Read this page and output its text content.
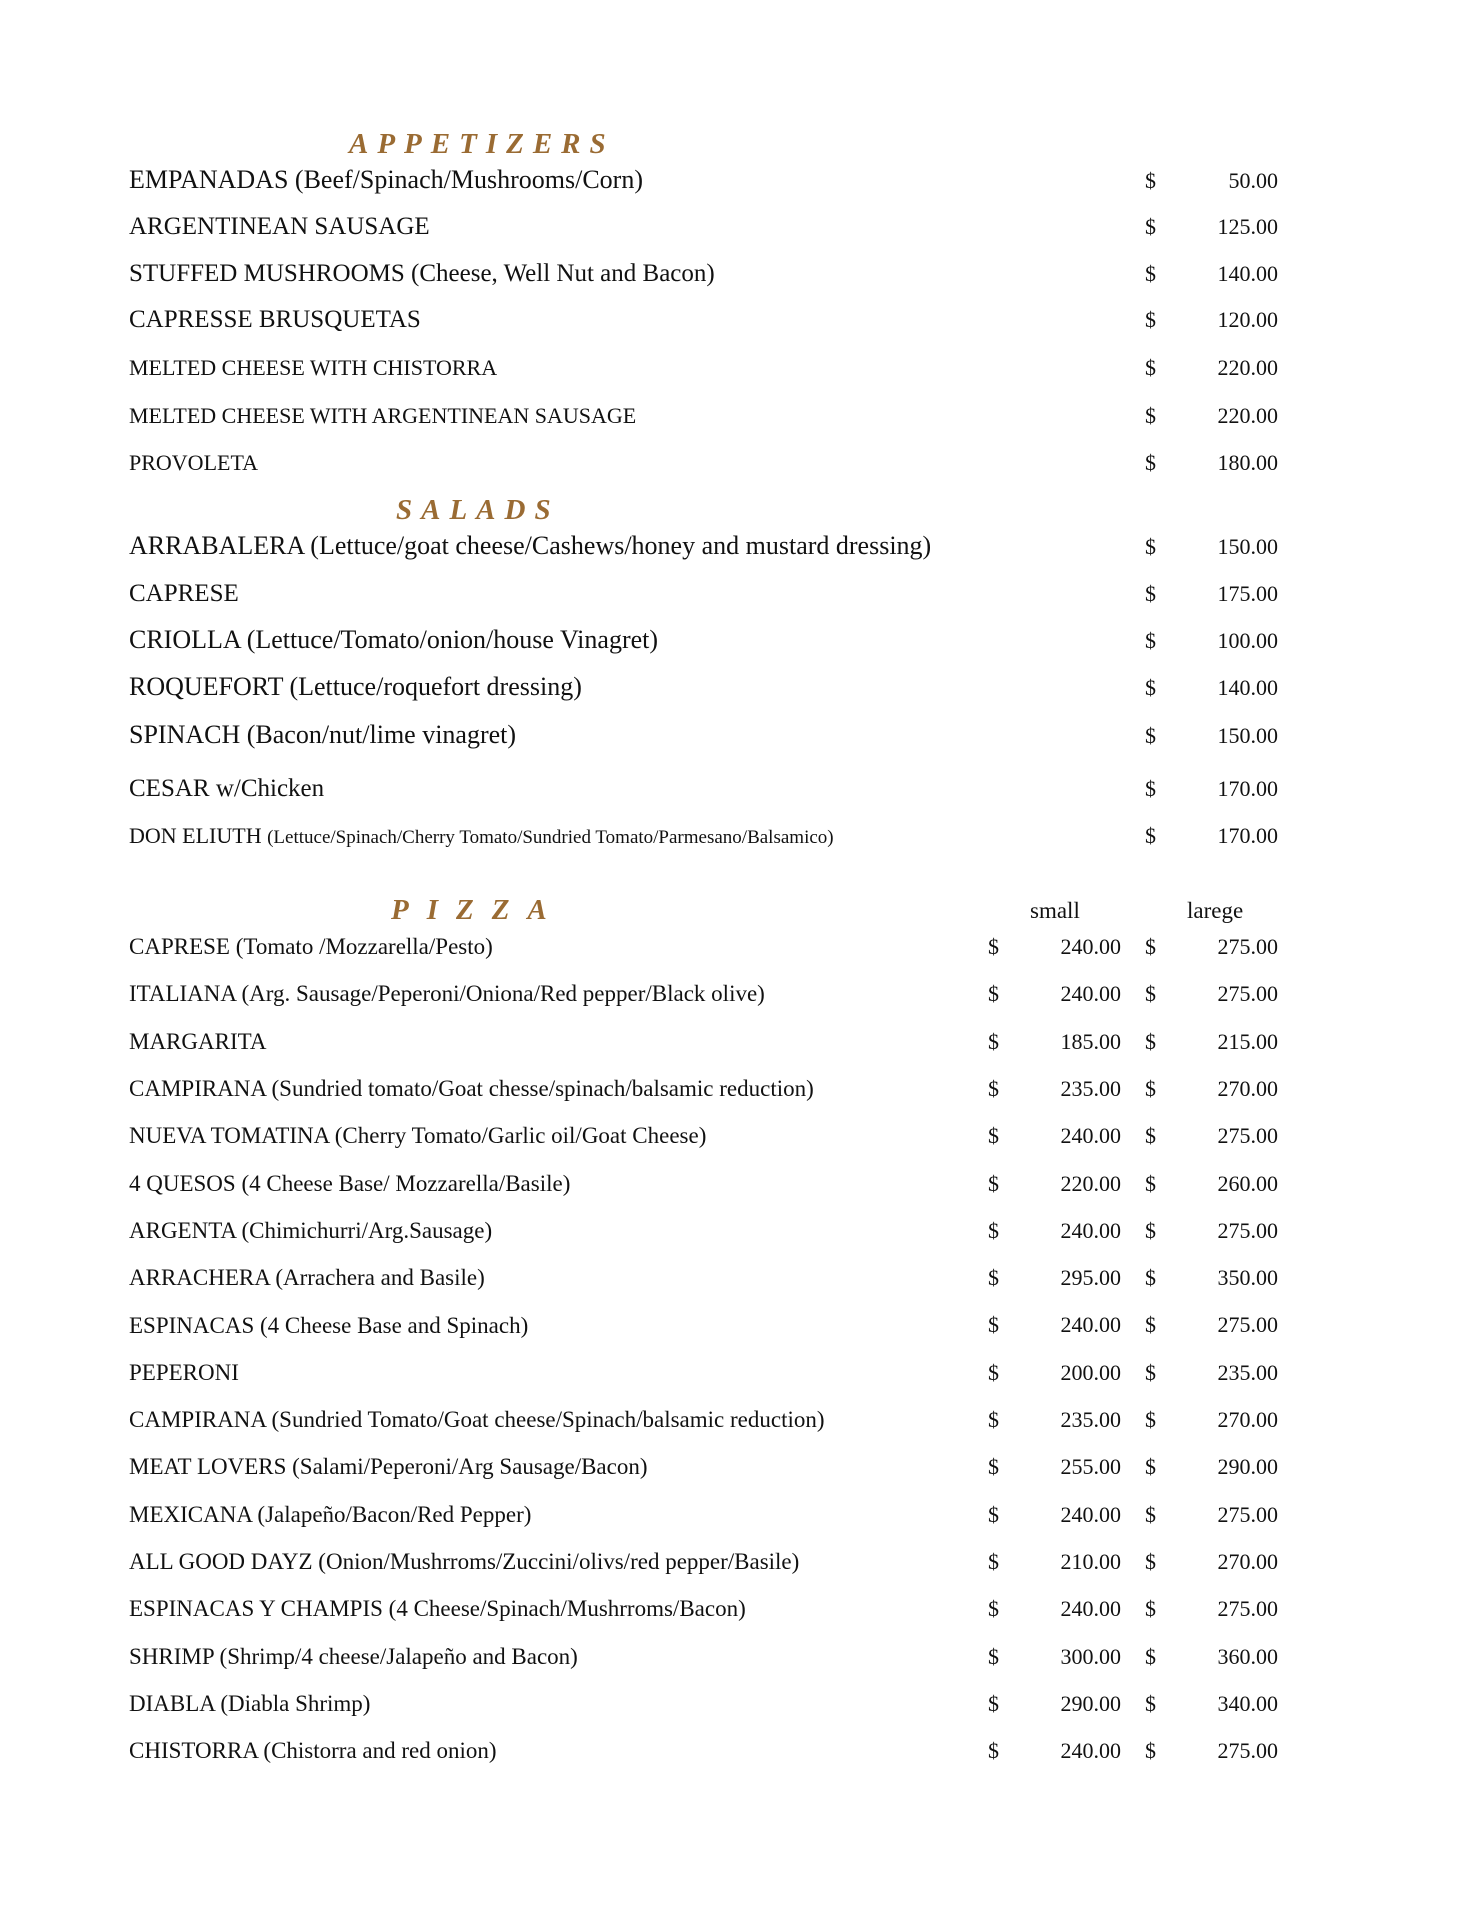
APPETIZERS
SALADS
PIZZA	small	larege
EMPANADAS (Beef/Spinach/Mushrooms/Corn)	$	50.00
ARGENTINEAN SAUSAGE	$	125.00
STUFFED MUSHROOMS (Cheese, Well Nut and Bacon)	$	140.00
CAPRESSE BRUSQUETAS	$	120.00
MELTED CHEESE WITH CHISTORRA	$	220.00
MELTED CHEESE WITH ARGENTINEAN SAUSAGE	$	220.00
PROVOLETA	$	180.00
ARRABALERA (Lettuce/goat cheese/Cashews/honey and mustard dressing)	$	150.00
CAPRESE	$	175.00
CRIOLLA (Lettuce/Tomato/onion/house Vinagret)	$	100.00
ROQUEFORT (Lettuce/roquefort dressing)	$	140.00
SPINACH (Bacon/nut/lime vinagret)	$	150.00
CESAR w/Chicken	$	170.00
DON ELIUTH (Lettuce/Spinach/Cherry Tomato/Sundried Tomato/Parmesano/Balsamico)	$	170.00
CAPRESE (Tomato /Mozzarella/Pesto)	$	240.00 $	275.00
ITALIANA (Arg. Sausage/Peperoni/Oniona/Red pepper/Black olive)	$	240.00 $	275.00
MARGARITA	$	185.00 $	215.00
CAMPIRANA (Sundried tomato/Goat chesse/spinach/balsamic reduction)	$	235.00 $	270.00
NUEVA TOMATINA (Cherry Tomato/Garlic oil/Goat Cheese)	$	240.00 $	275.00
4 QUESOS (4 Cheese Base/ Mozzarella/Basile)	$	220.00 $	260.00
ARGENTA (Chimichurri/Arg.Sausage)	$	240.00 $	275.00
ARRACHERA (Arrachera and Basile)	$	295.00 $	350.00
ESPINACAS (4 Cheese Base and Spinach)	$	240.00 $	275.00
PEPERONI	$	200.00 $	235.00
CAMPIRANA (Sundried Tomato/Goat cheese/Spinach/balsamic reduction)	$	235.00 $	270.00
MEAT LOVERS (Salami/Peperoni/Arg Sausage/Bacon)	$	255.00 $	290.00
MEXICANA (Jalapeño/Bacon/Red Pepper)	$	240.00 $	275.00
ALL GOOD DAYZ (Onion/Mushrroms/Zuccini/olivs/red pepper/Basile)	$	210.00 $	270.00
ESPINACAS Y CHAMPIS (4 Cheese/Spinach/Mushrroms/Bacon)	$	240.00 $	275.00
SHRIMP (Shrimp/4 cheese/Jalapeño and Bacon)	$	300.00 $	360.00
DIABLA (Diabla Shrimp)	$	290.00 $	340.00
CHISTORRA (Chistorra and red onion)	$	240.00 $	275.00
